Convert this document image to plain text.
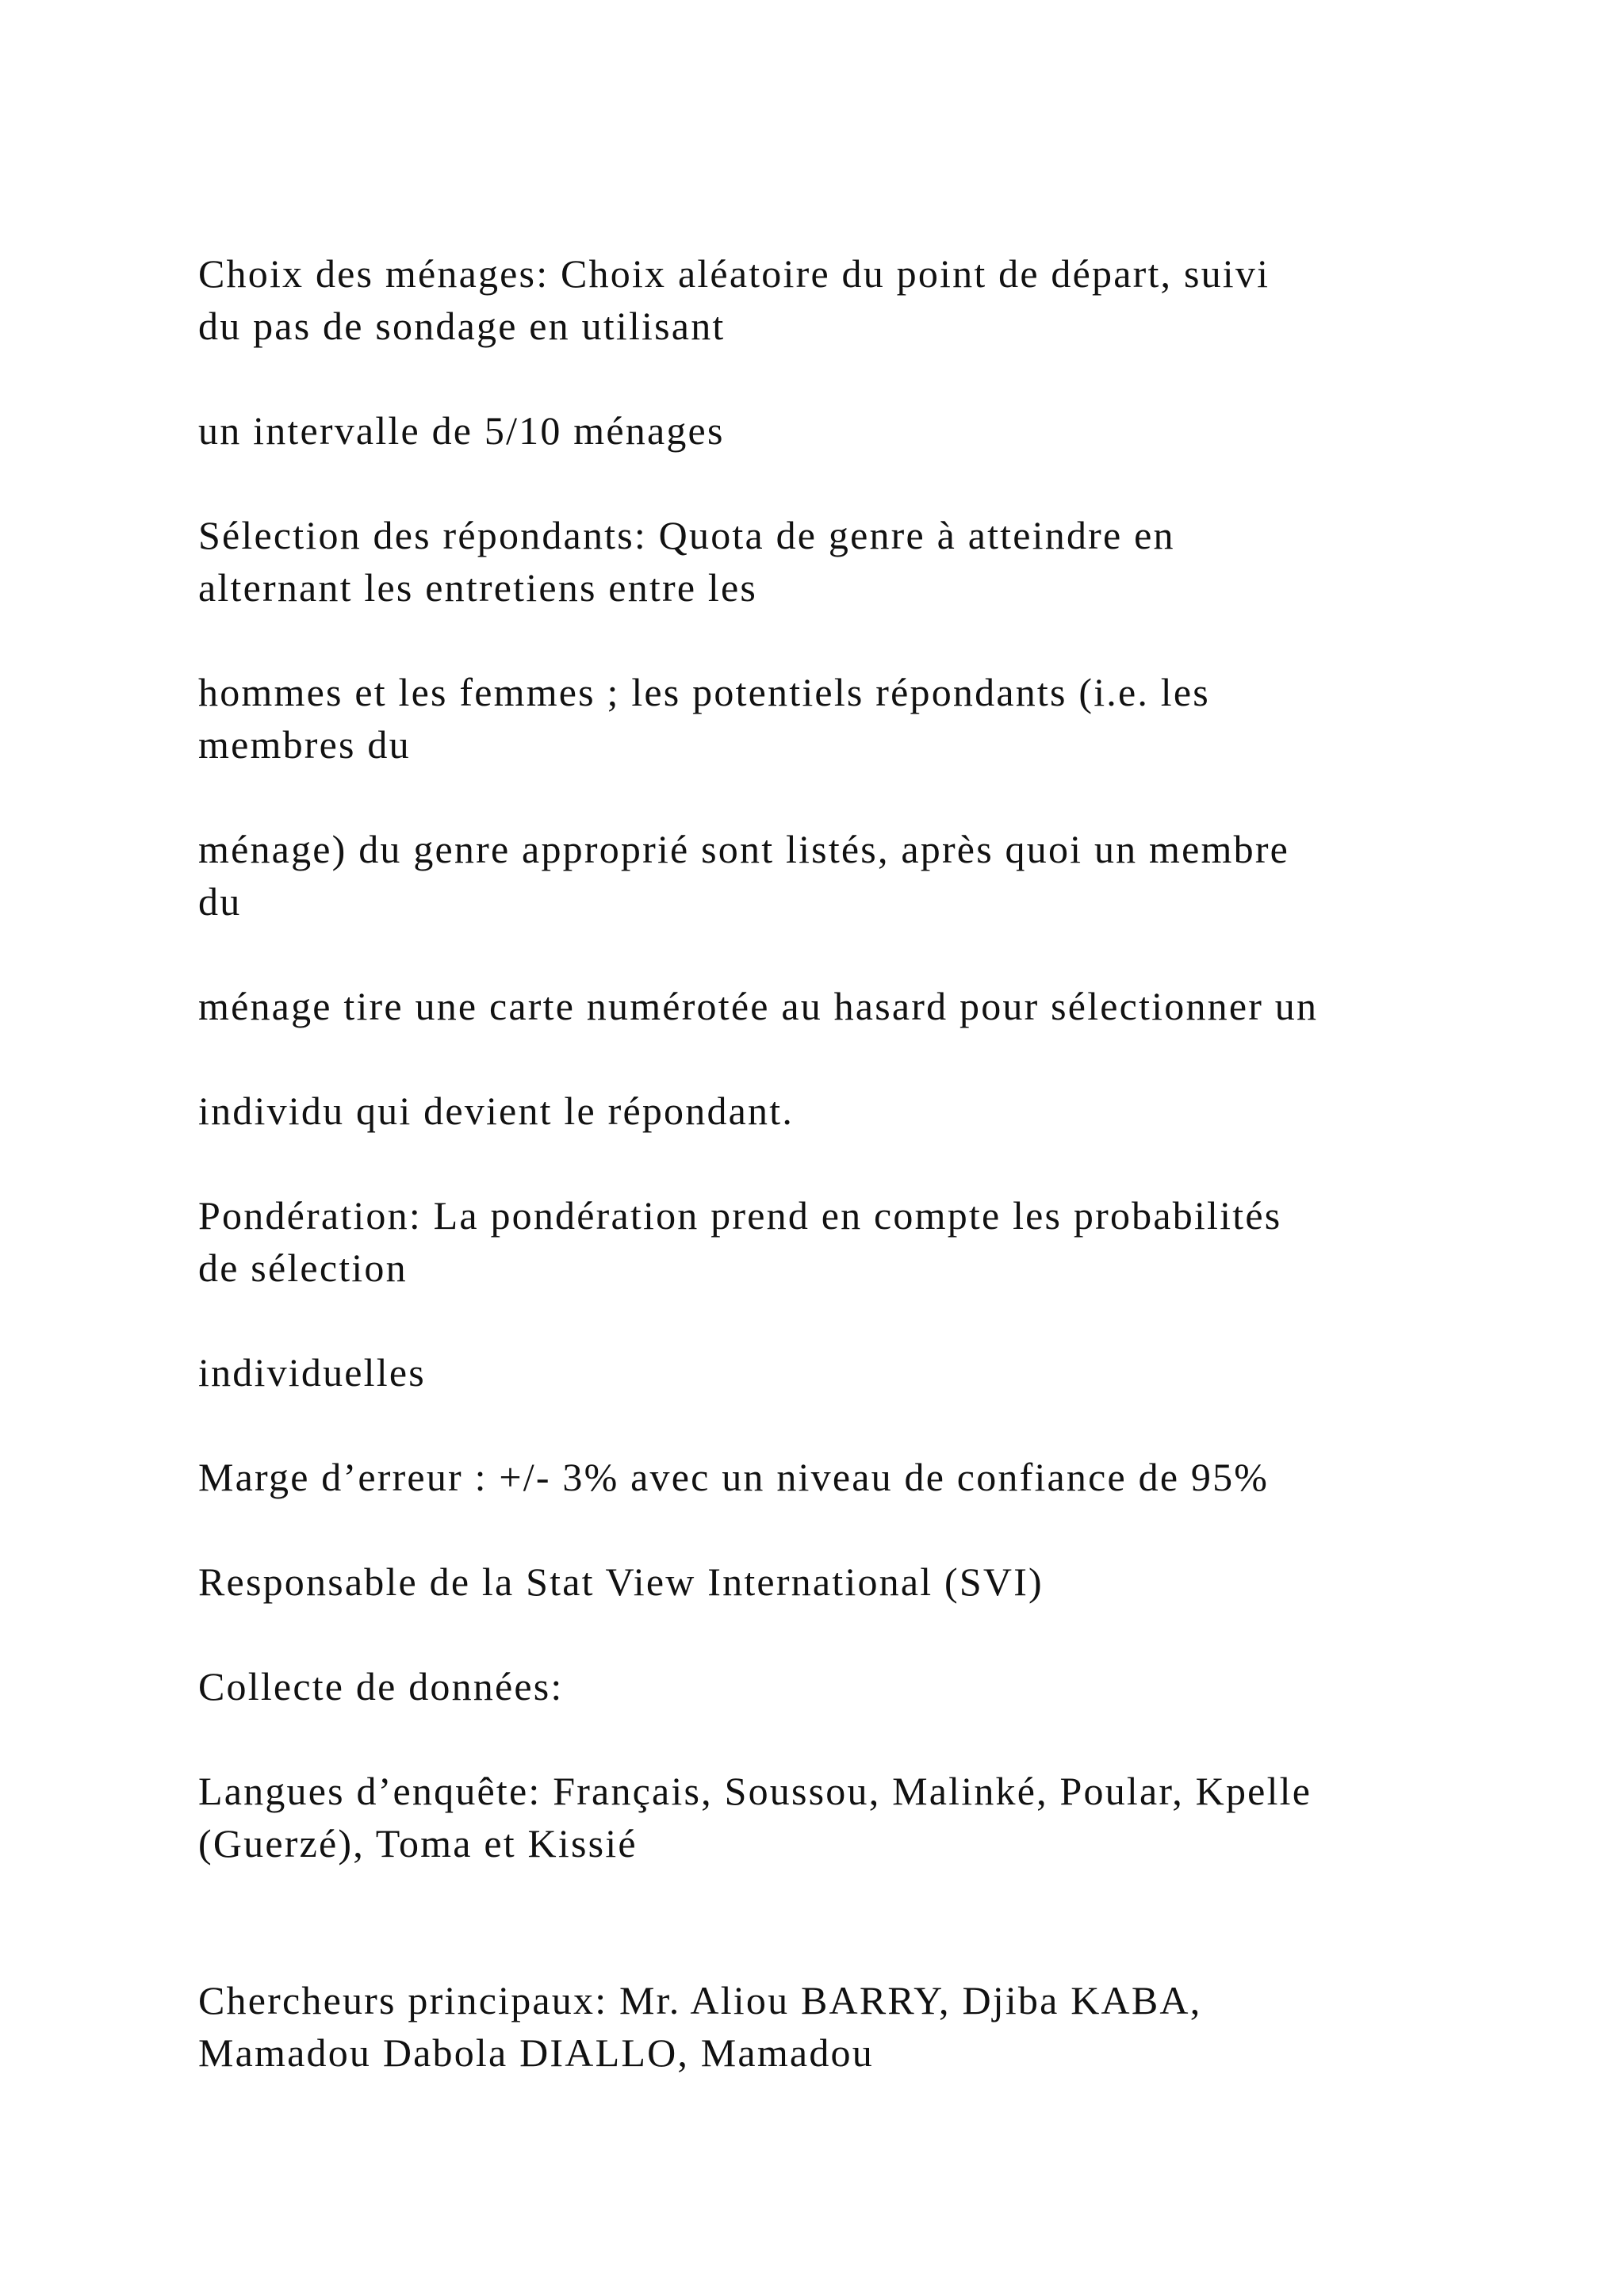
Choix des ménages: Choix aléatoire du point de départ, suivi
du pas de sondage en utilisant
un intervalle de 5/10 ménages
Sélection des répondants: Quota de genre à atteindre en
alternant les entretiens entre les
hommes et les femmes ; les potentiels répondants (i.e. les
membres du
ménage) du genre approprié sont listés, après quoi un membre
du
ménage tire une carte numérotée au hasard pour sélectionner un
individu qui devient le répondant.
Pondération: La pondération prend en compte les probabilités
de sélection
individuelles
Marge d’erreur : +/- 3% avec un niveau de confiance de 95%
Responsable de la Stat View International (SVI)
Collecte de données:
Langues d’enquête: Français, Soussou, Malinké, Poular, Kpelle
(Guerzé), Toma et Kissié
Chercheurs principaux: Mr. Aliou BARRY, Djiba KABA,
Mamadou Dabola DIALLO, Mamadou
